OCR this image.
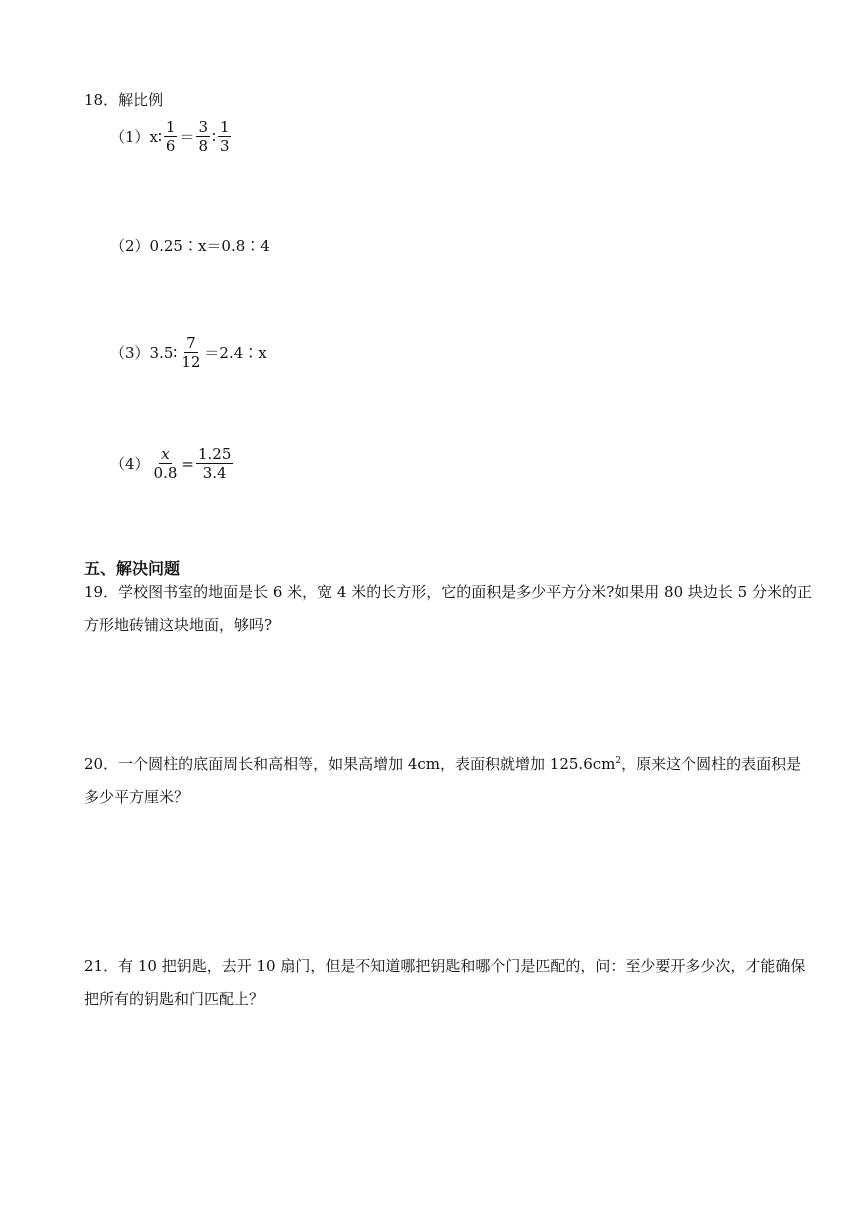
18．解比例
（1） x ∶ $\frac{1}{6} = \frac{3}{8}$ ∶ $\frac{1}{3}$
（2）0.25∶x＝0.8∶4
（3） 3.5∶ $\frac{7}{12}$ ＝2.4∶x
$(4) \frac{x}{0.8} = \frac{1.25}{3.4}$
五、解决问题
19．学校图书室的地面是长 6 米，宽 4 米的长方形，它的面积是多少平方分米?如果用 80 块边长 5 分米的正方形地砖铺这块地面，够吗?
20．一个圆柱的底面周长和高相等，如果高增加 4cm，表面积就增加 $125.6cm^2$，原来这个圆柱的表面积是多少平方厘米？
21．有 10 把钥匙，去开 10 扇门，但是不知道哪把钥匙和哪个门是匹配的，问：至少要开多少次，才能确保把所有的钥匙和门匹配上？
